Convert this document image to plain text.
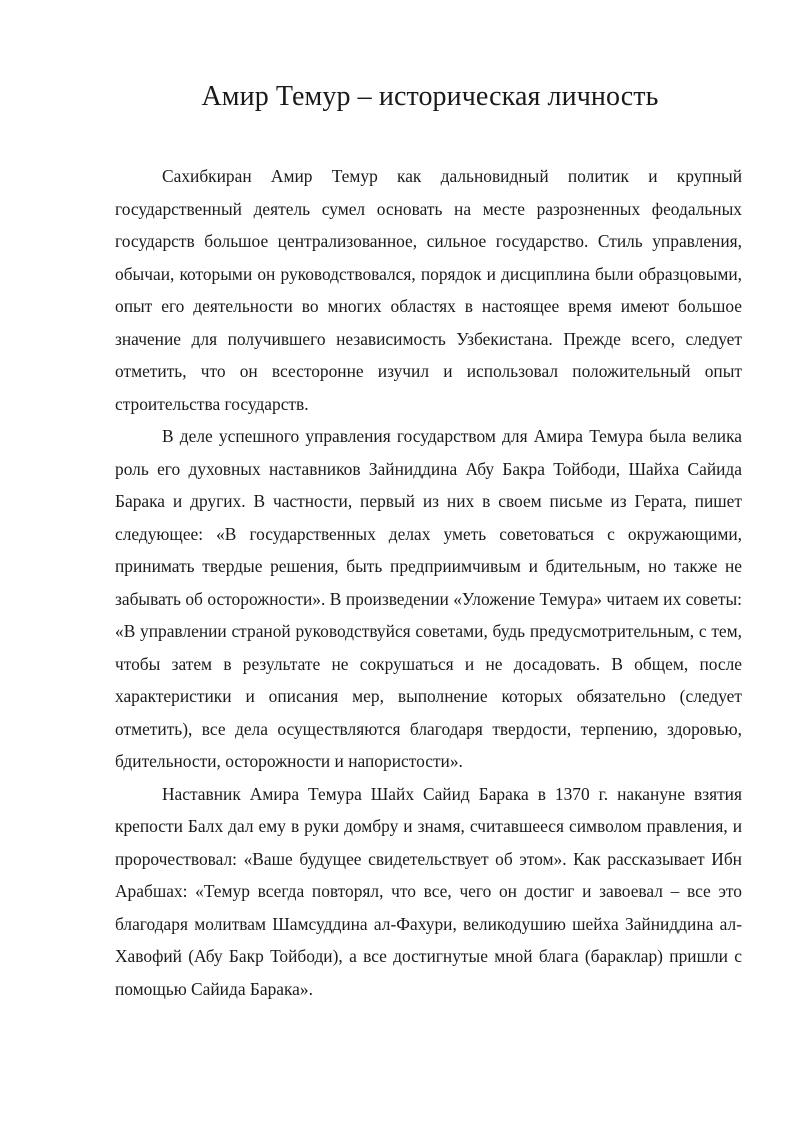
Амир Темур – историческая личность

Сахибкиран Амир Темур как дальновидный политик и крупный государственный деятель сумел основать на месте разрозненных феодальных государств большое централизованное, сильное государство. Стиль управления, обычаи, которыми он руководствовался, порядок и дисциплина были образцовыми, опыт его деятельности во многих областях в настоящее время имеют большое значение для получившего независимость Узбекистана. Прежде всего, следует отметить, что он всесторонне изучил и использовал положительный опыт строительства государств.

В деле успешного управления государством для Амира Темура была велика роль его духовных наставников Зайниддина Абу Бакра Тойбоди, Шайха Сайида Барака и других. В частности, первый из них в своем письме из Герата, пишет следующее: «В государственных делах уметь советоваться с окружающими, принимать твердые решения, быть предприимчивым и бдительным, но также не забывать об осторожности». В произведении «Уложение Темура» читаем их советы: «В управлении страной руководствуйся советами, будь предусмотрительным, с тем, чтобы затем в результате не сокрушаться и не досадовать. В общем, после характеристики и описания мер, выполнение которых обязательно (следует отметить), все дела осуществляются благодаря твердости, терпению, здоровью, бдительности, осторожности и напористости».

Наставник Амира Темура Шайх Сайид Барака в 1370 г. накануне взятия крепости Балх дал ему в руки домбру и знамя, считавшееся символом правления, и пророчествовал: «Ваше будущее свидетельствует об этом». Как рассказывает Ибн Арабшах: «Темур всегда повторял, что все, чего он достиг и завоевал – все это благодаря молитвам Шамсуддина ал-Фахури, великодушию шейха Зайниддина ал-Хавофий (Абу Бакр Тойбоди), а все достигнутые мной блага (бараклар) пришли с помощью Сайида Барака».
